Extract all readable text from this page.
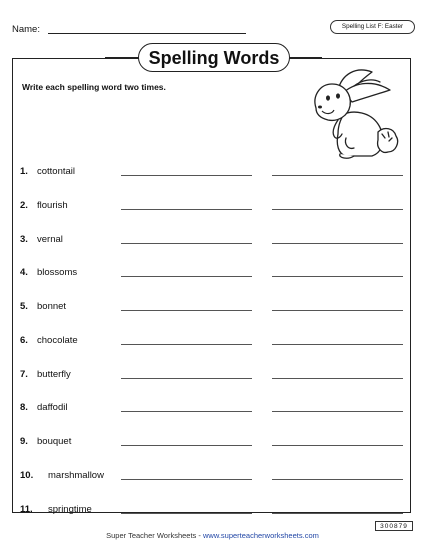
Name:	Spelling List F: Easter
Spelling Words
Write each spelling word two times.
1. cottontail
2. flourish
3. vernal
4. blossoms
5. bonnet
6. chocolate
7. butterfly
8. daffodil
9. bouquet
10. marshmallow
11. springtime
300879
Super Teacher Worksheets - www.superteacherworksheets.com
